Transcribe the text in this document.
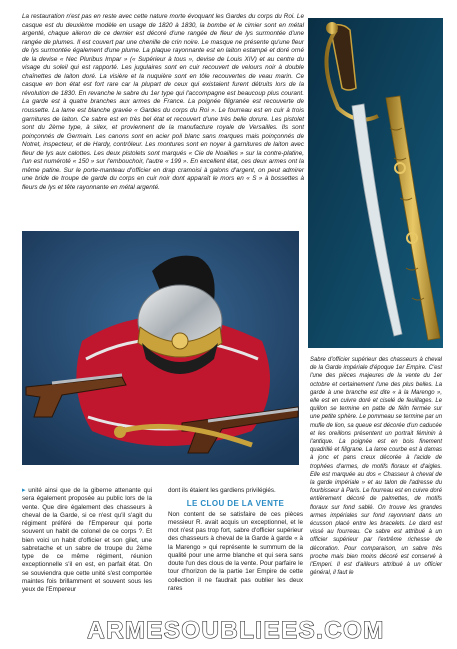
La restauration n'est pas en reste avec cette nature morte évoquant les Gardes du corps du Roi. Le casque est du deuxième modèle en usage de 1820 à 1830, la bombe et le cimier sont en métal argenté, chaque aileron de ce dernier est décoré d'une rangée de fleur de lys surmontée d'une rangée de plumes. Il est couvert par une chenille de crin noire. Le masque ne présente qu'une fleur de lys surmontée également d'une plume. La plaque rayonnante est en laiton estampé et doré orné de la devise « Nec Pluribus Impar » (« Supérieur à tous », devise de Louis XIV) et au centre du visage du soleil qui est rapporté. Les jugulaires sont en cuir recouvert de velours noir à double chaînettes de laiton doré. La visière et la nuquière sont en tôle recouvertes de veau marin. Ce casque en bon état est fort rare car la plupart de ceux qui existaient furent détruits lors de la révolution de 1830. En revanche le sabre du 1er type qui l'accompagne est beaucoup plus courant. La garde est à quatre branches aux armes de France. La poignée filigranée est recouverte de roussette. La lame est blanche gravée « Gardes du corps du Roi ». Le fourreau est en cuir à trois garnitures de laiton. Ce sabre est en très bel état et recouvert d'une très belle dorure. Les pistolet sont du 2ème type, à silex, et proviennent de la manufacture royale de Versailles. Ils sont poinçonnés de Germain. Les canons sont en acier poli blanc sans marques mais poinçonnés de Notret, inspecteur, et de Hardy, contrôleur. Les montures sont en noyer à garnitures de laiton avec fleur de lys aux calottes. Les deux pistolets sont marqués « Cie de Noailles » sur la contre-platine, l'un est numéroté « 150 » sur l'embouchoir, l'autre « 199 ». En excellent état, ces deux armes ont la même patine. Sur le porte-manteau d'officier en drap cramoisi à galons d'argent, on peut admirer une bride de troupe de garde du corps en cuir noir dont apparaît le mors en « S » à bossettes à fleurs de lys et tête rayonnante en métal argenté.
Sabre d'officier supérieur des chasseurs à cheval de la Garde impériale d'époque 1er Empire. C'est l'une des pièces majeures de la vente du 1er octobre et certainement l'une des plus belles. La garde à une branche est dite « à la Marengo », elle est en cuivre doré et ciselé de feuillages. Le quillon se termine en patte de félin fermée sur une petite sphère. Le pommeau se termine par un mufle de lion, sa queue est décorée d'un caducée et les oreillons présentent un portrait féminin à l'antique. La poignée est en bois finement quadrillé et filigrane. La lame courbe est à damas à jonc et pans creux décorée à l'acide de trophées d'armes, de motifs floraux et d'aigles. Elle est marquée au dos « Chasseur à cheval de la garde impériale » et au talon de l'adresse du fourbisseur à Paris. Le fourreau est en cuivre doré entièrement décoré de palmettes, de motifs floraux sur fond sablé. On trouve les grandes armes impériales sur fond rayonnant dans un écusson placé entre les bracelets. Le dard est vissé au fourreau. Ce sabre est attribué à un officier supérieur par l'extrême richesse de décoration. Pour comparaison, un sabre très proche mais bien moins décoré est conservé à l'Emperi. Il est d'ailleurs attribué à un officier général, il faut le
▸ unité ainsi que de la giberne attenante qui sera également proposée au public lors de la vente. Que dire également des chasseurs à cheval de la Garde, si ce n'est qu'il s'agit du régiment préféré de l'Empereur qui porte souvent un habit de colonel de ce corps ?. Et bien voici un habit d'officier et son gilet, une sabretache et un sabre de troupe du 2ème type de ce même régiment, réunion exceptionnelle s'il en est, en parfait état. On se souviendra que cette unité s'est comportée maintes fois brillamment et souvent sous les yeux de l'Empereur
dont ils étaient les gardiens privilégiés.
LE CLOU DE LA VENTE
Non content de se satisfaire de ces pièces messieur R. avait acquis un exceptionnel, et le mot n'est pas trop fort, sabre d'officier supérieur des chasseurs à cheval de la Garde à garde « à la Marengo » qui représente le summum de la qualité pour une arme blanche et qui sera sans doute l'un des clous de la vente. Pour parfaire le tour d'horizon de la partie 1er Empire de cette collection il ne faudrait pas oublier les deux rares
ARMESOUBLIEES.COM
